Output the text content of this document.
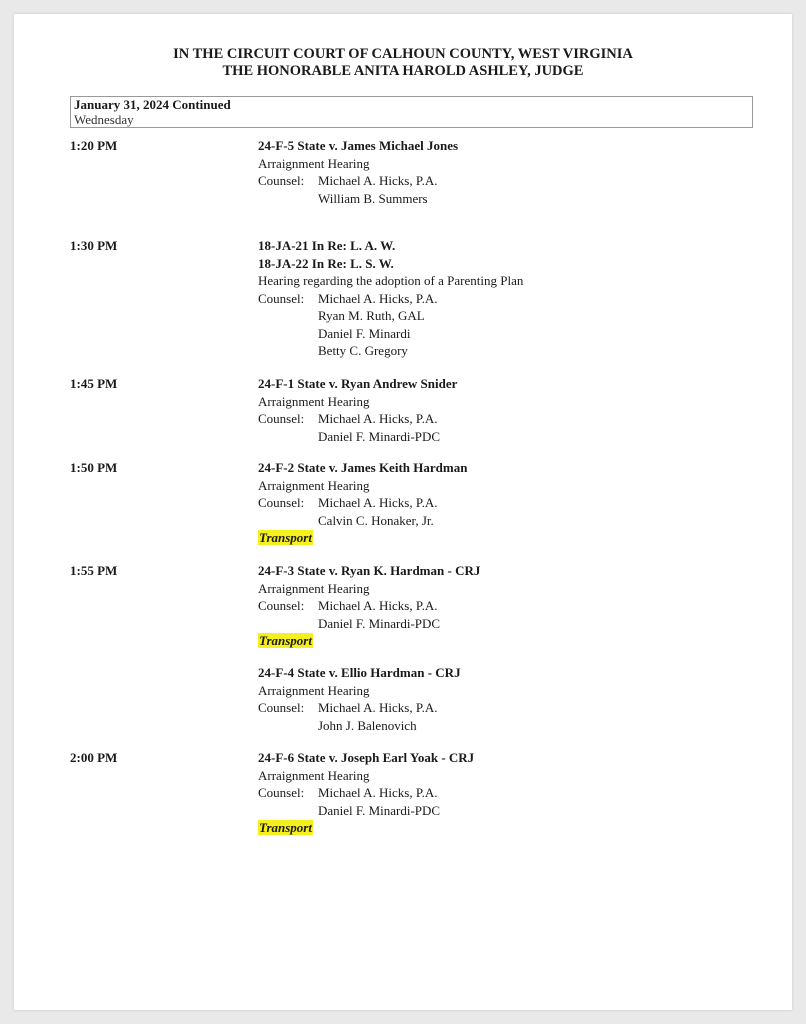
IN THE CIRCUIT COURT OF CALHOUN COUNTY, WEST VIRGINIA
THE HONORABLE ANITA HAROLD ASHLEY, JUDGE
January 31, 2024 Continued
Wednesday
1:20 PM	24-F-5 State v. James Michael Jones
Arraignment Hearing
Counsel: Michael A. Hicks, P.A.
William B. Summers
1:30 PM	18-JA-21 In Re: L. A. W.
18-JA-22 In Re: L. S. W.
Hearing regarding the adoption of a Parenting Plan
Counsel: Michael A. Hicks, P.A.
Ryan M. Ruth, GAL
Daniel F. Minardi
Betty C. Gregory
1:45 PM	24-F-1 State v. Ryan Andrew Snider
Arraignment Hearing
Counsel: Michael A. Hicks, P.A.
Daniel F. Minardi-PDC
1:50 PM	24-F-2 State v. James Keith Hardman
Arraignment Hearing
Counsel: Michael A. Hicks, P.A.
Calvin C. Honaker, Jr.
Transport
1:55 PM	24-F-3 State v. Ryan K. Hardman - CRJ
Arraignment Hearing
Counsel: Michael A. Hicks, P.A.
Daniel F. Minardi-PDC
Transport
24-F-4 State v. Ellio Hardman - CRJ
Arraignment Hearing
Counsel: Michael A. Hicks, P.A.
John J. Balenovich
2:00 PM	24-F-6 State v. Joseph Earl Yoak - CRJ
Arraignment Hearing
Counsel: Michael A. Hicks, P.A.
Daniel F. Minardi-PDC
Transport
